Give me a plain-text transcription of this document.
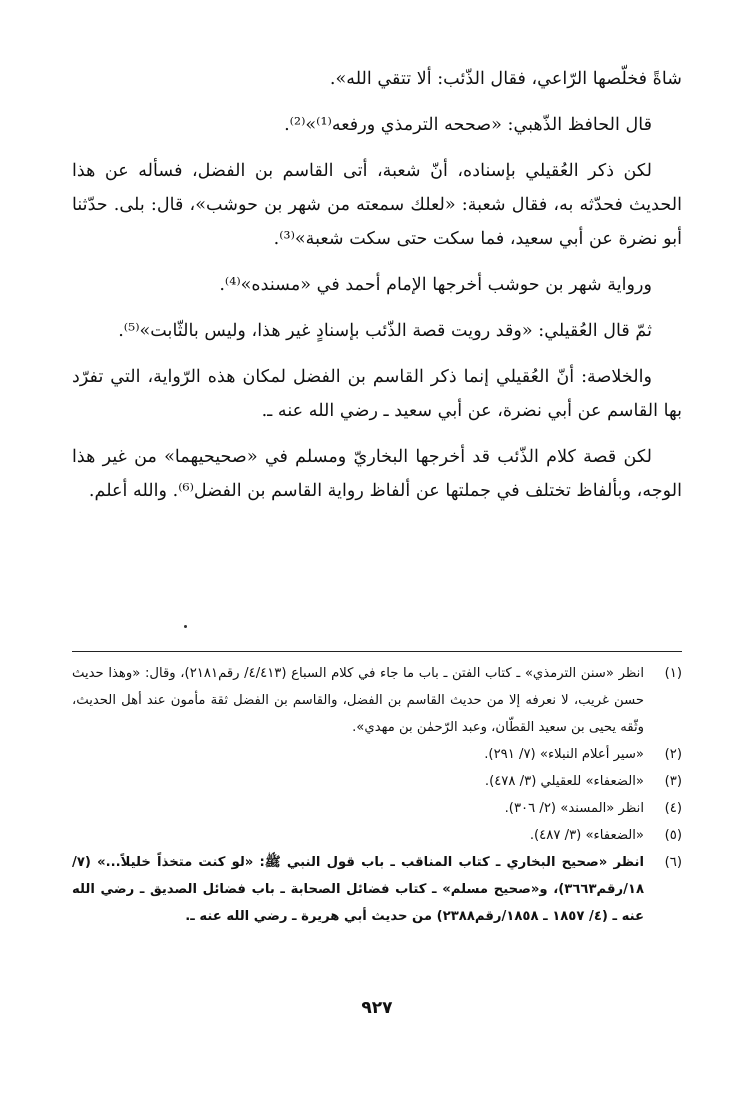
شاةً فخلّصها الرّاعي، فقال الذّئب: ألا تتقي الله».

قال الحافظ الذّهبي: «صححه الترمذي ورفعه⁽¹⁾»⁽²⁾.

لكن ذكر العُقيلي بإسناده، أنّ شعبة، أتى القاسم بن الفضل، فسأله عن هذا الحديث فحدّثه به، فقال شعبة: «لعلك سمعته من شهر بن حوشب»، قال: بلى. حدّثنا أبو نضرة عن أبي سعيد، فما سكت حتى سكت شعبة»⁽³⁾.

ورواية شهر بن حوشب أخرجها الإمام أحمد في «مسنده»⁽⁴⁾.

ثمّ قال العُقيلي: «وقد رويت قصة الذّئب بإسنادٍ غير هذا، وليس بالثّابت»⁽⁵⁾.

والخلاصة: أنّ العُقيلي إنما ذكر القاسم بن الفضل لمكان هذه الرّواية، التي تفرّد بها القاسم عن أبي نضرة، عن أبي سعيد ـ رضي الله عنه ـ.

لكن قصة كلام الذّئب قد أخرجها البخاريّ ومسلم في «صحيحيهما» من غير هذا الوجه، وبألفاظ تختلف في جملتها عن ألفاظ رواية القاسم بن الفضل⁽⁶⁾. والله أعلم.

(١)
انظر «سنن الترمذي» ـ كتاب الفتن ـ باب ما جاء في كلام السباع (٤/٤١٣/ رقم٢١٨١)، وقال: «وهذا حديث حسن غريب، لا نعرفه إلا من حديث القاسم بن الفضل، والقاسم بن الفضل ثقة مأمون عند أهل الحديث، وثّقه يحيى بن سعيد القطّان، وعبد الرّحمٰن بن مهدي».
(٢)
«سير أعلام النبلاء» (٧/ ٢٩١).
(٣)
«الضعفاء» للعقيلي (٣/ ٤٧٨).
(٤)
انظر «المسند» (٢/ ٣٠٦).
(٥)
«الضعفاء» (٣/ ٤٨٧).
(٦)
انظر «صحيح البخاري ـ كتاب المناقب ـ باب قول النبي ﷺ: «لو كنت متخذاً خليلاً...» (٧/ ١٨/رقم٣٦٦٣)، و«صحيح مسلم» ـ كتاب فضائل الصحابة ـ باب فضائل الصديق ـ رضي الله عنه ـ (٤/ ١٨٥٧ ـ ١٨٥٨/رقم٢٣٨٨) من حديث أبي هريرة ـ رضي الله عنه ـ.
٩٢٧
